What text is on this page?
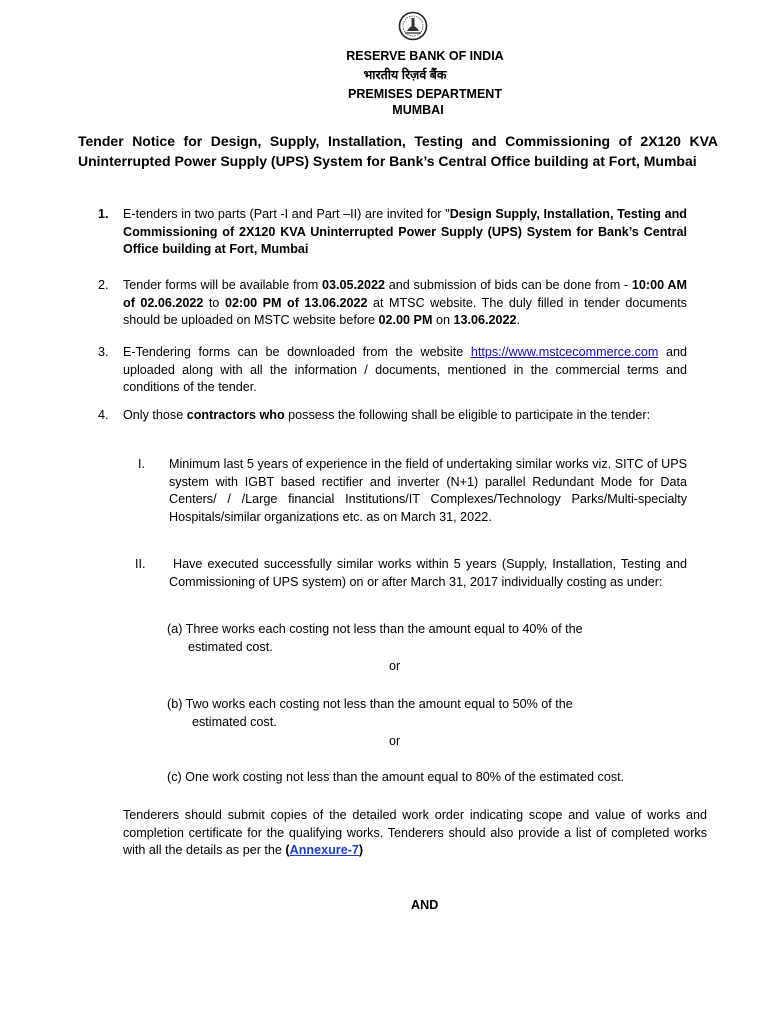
RESERVE BANK OF INDIA
भारतीय रिज़र्व बैंक
PREMISES DEPARTMENT
MUMBAI
Tender Notice for Design, Supply, Installation, Testing and Commissioning of 2X120 KVA Uninterrupted Power Supply (UPS) System for Bank’s Central Office building at Fort, Mumbai
1. E-tenders in two parts (Part -I and Part –II) are invited for "Design Supply, Installation, Testing and Commissioning of 2X120 KVA Uninterrupted Power Supply (UPS) System for Bank’s Central Office building at Fort, Mumbai
2. Tender forms will be available from 03.05.2022 and submission of bids can be done from - 10:00 AM of 02.06.2022 to 02:00 PM of 13.06.2022 at MTSC website. The duly filled in tender documents should be uploaded on MSTC website before 02.00 PM on 13.06.2022.
3. E-Tendering forms can be downloaded from the website https://www.mstcecommerce.com and uploaded along with all the information / documents, mentioned in the commercial terms and conditions of the tender.
4. Only those contractors who possess the following shall be eligible to participate in the tender:
I. Minimum last 5 years of experience in the field of undertaking similar works viz. SITC of UPS system with IGBT based rectifier and inverter (N+1) parallel Redundant Mode for Data Centers/ / /Large financial Institutions/IT Complexes/Technology Parks/Multi-specialty Hospitals/similar organizations etc. as on March 31, 2022.
II.	Have executed successfully similar works within 5 years (Supply, Installation, Testing and Commissioning of UPS system) on or after March 31, 2017 individually costing as under:
(a) Three works each costing not less than the amount equal to 40% of the
estimated cost.
or
(b) Two works each costing not less than the amount equal to 50% of the
estimated cost.
or
(c) One work costing not less than the amount equal to 80% of the estimated cost.
Tenderers should submit copies of the detailed work order indicating scope and value of works and completion certificate for the qualifying works. Tenderers should also provide a list of completed works with all the details as per the (Annexure-7)
AND
